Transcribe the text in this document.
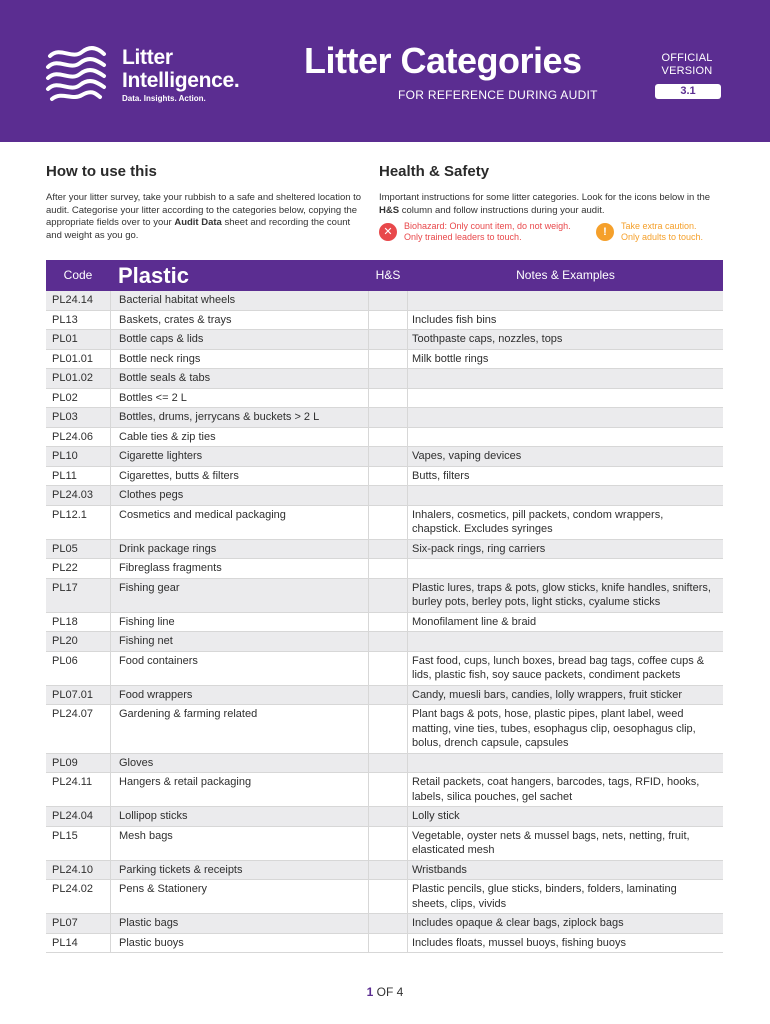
Litter
Intelligence.
Data. Insights. Action.
Litter Categories
FOR REFERENCE DURING AUDIT
OFFICIAL
VERSION
3.1
How to use this
After your litter survey, take your rubbish to a safe and sheltered location to audit. Categorise your litter according to the categories below, copying the appropriate fields over to your Audit Data sheet and recording the count and weight as you go.
Health & Safety
Important instructions for some litter categories. Look for the icons below in the H&S column and follow instructions during your audit.
✕	Biohazard: Only count item, do not weigh.
Only trained leaders to touch.	!	Take extra caution.
Only adults to touch.
Code	Plastic	H&S	Notes & Examples
PL24.14	Bacterial habitat wheels
PL13	Baskets, crates & trays	Includes fish bins
PL01	Bottle caps & lids	Toothpaste caps, nozzles, tops
PL01.01	Bottle neck rings	Milk bottle rings
PL01.02	Bottle seals & tabs
PL02	Bottles <= 2 L
PL03	Bottles, drums, jerrycans & buckets > 2 L
PL24.06	Cable ties & zip ties
PL10	Cigarette lighters	Vapes, vaping devices
PL11	Cigarettes, butts & filters	Butts, filters
PL24.03	Clothes pegs
PL12.1	Cosmetics and medical packaging	Inhalers, cosmetics, pill packets, condom wrappers, chapstick. Excludes syringes
PL05	Drink package rings	Six-pack rings, ring carriers
PL22	Fibreglass fragments
PL17	Fishing gear	Plastic lures, traps & pots, glow sticks, knife handles, snifters, burley pots, berley pots, light sticks, cyalume sticks
PL18	Fishing line	Monofilament line & braid
PL20	Fishing net
PL06	Food containers	Fast food, cups, lunch boxes, bread bag tags, coffee cups & lids, plastic fish, soy sauce packets, condiment packets
PL07.01	Food wrappers	Candy, muesli bars, candies, lolly wrappers, fruit sticker
PL24.07	Gardening & farming related	Plant bags & pots, hose, plastic pipes, plant label, weed matting, vine ties, tubes, esophagus clip, oesophagus clip, bolus, drench capsule, capsules
PL09	Gloves
PL24.11	Hangers & retail packaging	Retail packets, coat hangers, barcodes, tags, RFID, hooks, labels, silica pouches, gel sachet
PL24.04	Lollipop sticks	Lolly stick
PL15	Mesh bags	Vegetable, oyster nets & mussel bags, nets, netting, fruit, elasticated mesh
PL24.10	Parking tickets & receipts	Wristbands
PL24.02	Pens & Stationery	Plastic pencils, glue sticks, binders, folders, laminating sheets, clips, vivids
PL07	Plastic bags	Includes opaque & clear bags, ziplock bags
PL14	Plastic buoys	Includes floats, mussel buoys, fishing buoys
1 OF 4
